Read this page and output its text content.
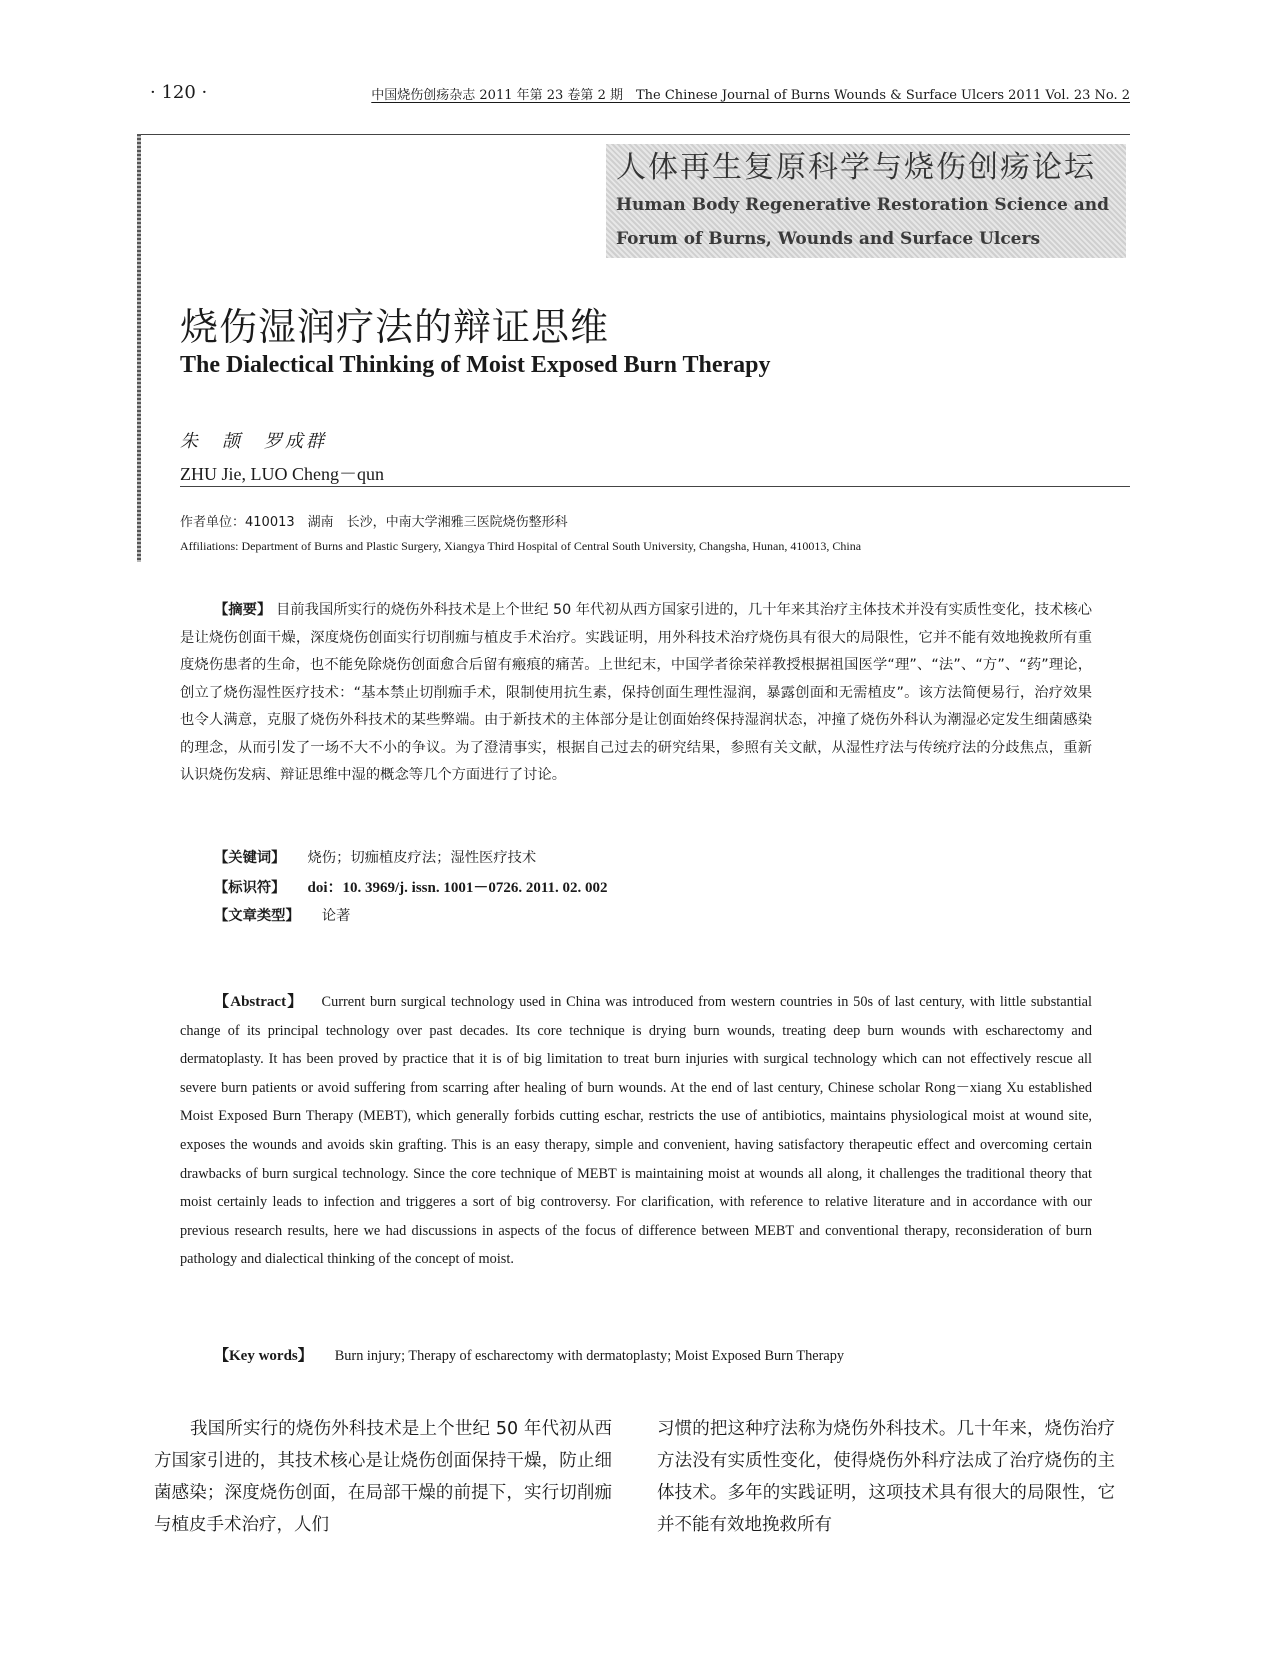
· 120 ·	中国烧伤创疡杂志 2011 年第 23 卷第 2 期　The Chinese Journal of Burns Wounds & Surface Ulcers 2011 Vol. 23 No. 2
人体再生复原科学与烧伤创疡论坛
Human Body Regenerative Restoration Science and
Forum of Burns, Wounds and Surface Ulcers
烧伤湿润疗法的辩证思维
The Dialectical Thinking of Moist Exposed Burn Therapy
朱　颉　罗成群
ZHU Jie, LUO Cheng－qun
作者单位：410013　湖南　长沙，中南大学湘雅三医院烧伤整形科
Affiliations: Department of Burns and Plastic Surgery, Xiangya Third Hospital of Central South University, Changsha, Hunan, 410013, China
【摘要】 目前我国所实行的烧伤外科技术是上个世纪 50 年代初从西方国家引进的，几十年来其治疗主体技术并没有实质性变化，技术核心是让烧伤创面干燥，深度烧伤创面实行切削痂与植皮手术治疗。实践证明，用外科技术治疗烧伤具有很大的局限性，它并不能有效地挽救所有重度烧伤患者的生命，也不能免除烧伤创面愈合后留有瘢痕的痛苦。上世纪末，中国学者徐荣祥教授根据祖国医学“理”、“法”、“方”、“药”理论，创立了烧伤湿性医疗技术：“基本禁止切削痂手术，限制使用抗生素，保持创面生理性湿润，暴露创面和无需植皮”。该方法简便易行，治疗效果也令人满意，克服了烧伤外科技术的某些弊端。由于新技术的主体部分是让创面始终保持湿润状态，冲撞了烧伤外科认为潮湿必定发生细菌感染的理念，从而引发了一场不大不小的争议。为了澄清事实，根据自己过去的研究结果，参照有关文献，从湿性疗法与传统疗法的分歧焦点，重新认识烧伤发病、辩证思维中湿的概念等几个方面进行了讨论。
【关键词】 烧伤；切痂植皮疗法；湿性医疗技术
【标识符】 doi：10. 3969/j. issn. 1001－0726. 2011. 02. 002
【文章类型】 论著
【Abstract】 Current burn surgical technology used in China was introduced from western countries in 50s of last century, with little substantial change of its principal technology over past decades. Its core technique is drying burn wounds, treating deep burn wounds with escharectomy and dermatoplasty. It has been proved by practice that it is of big limitation to treat burn injuries with surgical technology which can not effectively rescue all severe burn patients or avoid suffering from scarring after healing of burn wounds. At the end of last century, Chinese scholar Rong－xiang Xu established Moist Exposed Burn Therapy (MEBT), which generally forbids cutting eschar, restricts the use of antibiotics, maintains physiological moist at wound site, exposes the wounds and avoids skin grafting. This is an easy therapy, simple and convenient, having satisfactory therapeutic effect and overcoming certain drawbacks of burn surgical technology. Since the core technique of MEBT is maintaining moist at wounds all along, it challenges the traditional theory that moist certainly leads to infection and triggeres a sort of big controversy. For clarification, with reference to relative literature and in accordance with our previous research results, here we had discussions in aspects of the focus of difference between MEBT and conventional therapy, reconsideration of burn pathology and dialectical thinking of the concept of moist.
【Key words】 Burn injury; Therapy of escharectomy with dermatoplasty; Moist Exposed Burn Therapy
我国所实行的烧伤外科技术是上个世纪 50 年代初从西方国家引进的，其技术核心是让烧伤创面保持干燥，防止细菌感染；深度烧伤创面，在局部干燥的前提下，实行切削痂与植皮手术治疗，人们
习惯的把这种疗法称为烧伤外科技术。几十年来，烧伤治疗方法没有实质性变化，使得烧伤外科疗法成了治疗烧伤的主体技术。多年的实践证明，这项技术具有很大的局限性，它并不能有效地挽救所有
